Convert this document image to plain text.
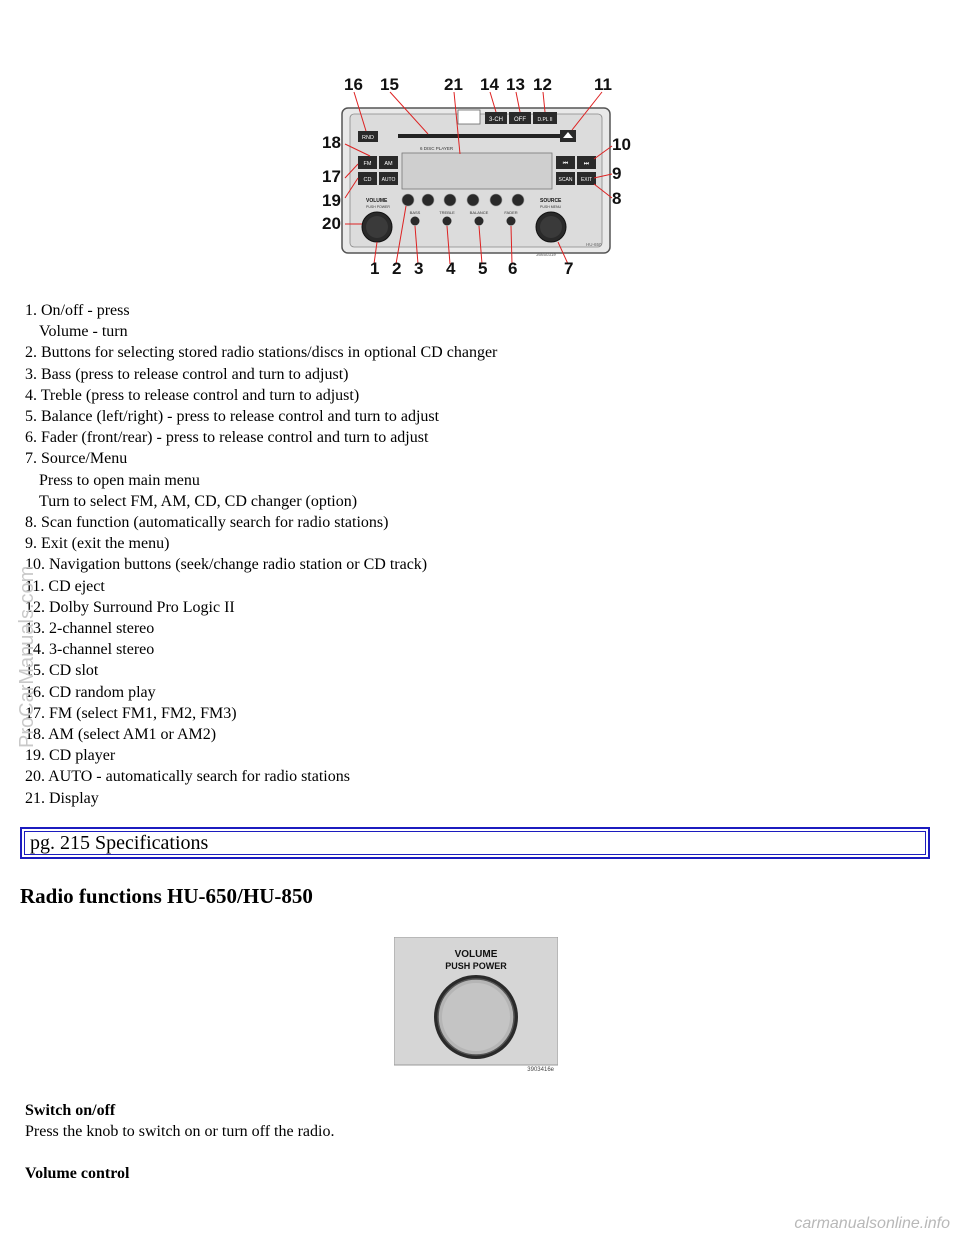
3-CH OFF D.PL II
RND
FM AM
CD AUTO
6 DISC PLAYER
⏮	⏭
SCAN EXIT
BASS	TREBLE	BALANCE	FADER
VOLUME
PUSH POWER
SOURCE
PUSH MENU
HU-650
3665031e
16 15	21 14 13 12 11
18
17
19
20
10
9
8
1 2 3 4 5 6	7
1. On/off - press
Volume - turn
2. Buttons for selecting stored radio stations/discs in optional CD changer
3. Bass (press to release control and turn to adjust)
4. Treble (press to release control and turn to adjust)
5. Balance (left/right) - press to release control and turn to adjust
6. Fader (front/rear) - press to release control and turn to adjust
7. Source/Menu
Press to open main menu
Turn to select FM, AM, CD, CD changer (option)
8. Scan function (automatically search for radio stations)
9. Exit (exit the menu)
10. Navigation buttons (seek/change radio station or CD track)
11. CD eject
12. Dolby Surround Pro Logic II
13. 2-channel stereo
14. 3-channel stereo
15. CD slot
16. CD random play
17. FM (select FM1, FM2, FM3)
18. AM (select AM1 or AM2)
19. CD player
20. AUTO - automatically search for radio stations
21. Display
pg. 215 Specifications
Radio functions HU-650/HU-850
VOLUME
PUSH POWER
3903416e
Switch on/off
Press the knob to switch on or turn off the radio.
Volume control
ProCarManuals.com
carmanualsonline.info
